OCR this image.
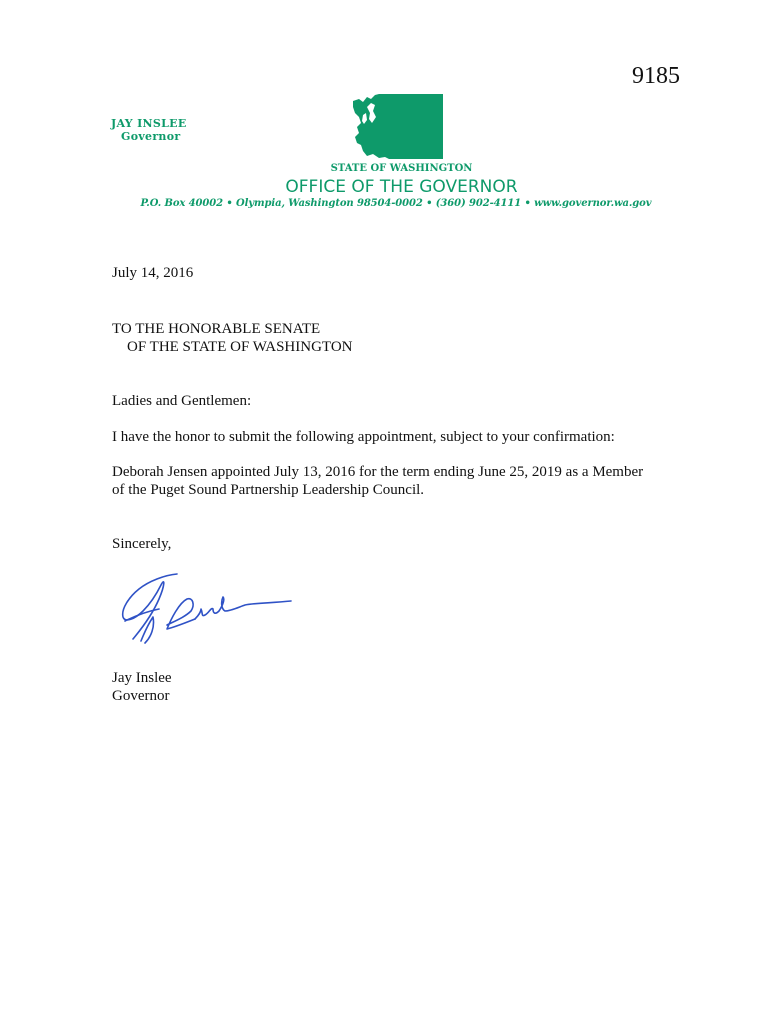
9185
JAY INSLEE
Governor
STATE OF WASHINGTON
OFFICE OF THE GOVERNOR
P.O. Box 40002 • Olympia, Washington 98504-0002 • (360) 902-4111 • www.governor.wa.gov
July 14, 2016
TO THE HONORABLE SENATE
OF THE STATE OF WASHINGTON
Ladies and Gentlemen:
I have the honor to submit the following appointment, subject to your confirmation:
Deborah Jensen appointed July 13, 2016 for the term ending June 25, 2019 as a Member
of the Puget Sound Partnership Leadership Council.
Sincerely,
Jay Inslee
Governor
